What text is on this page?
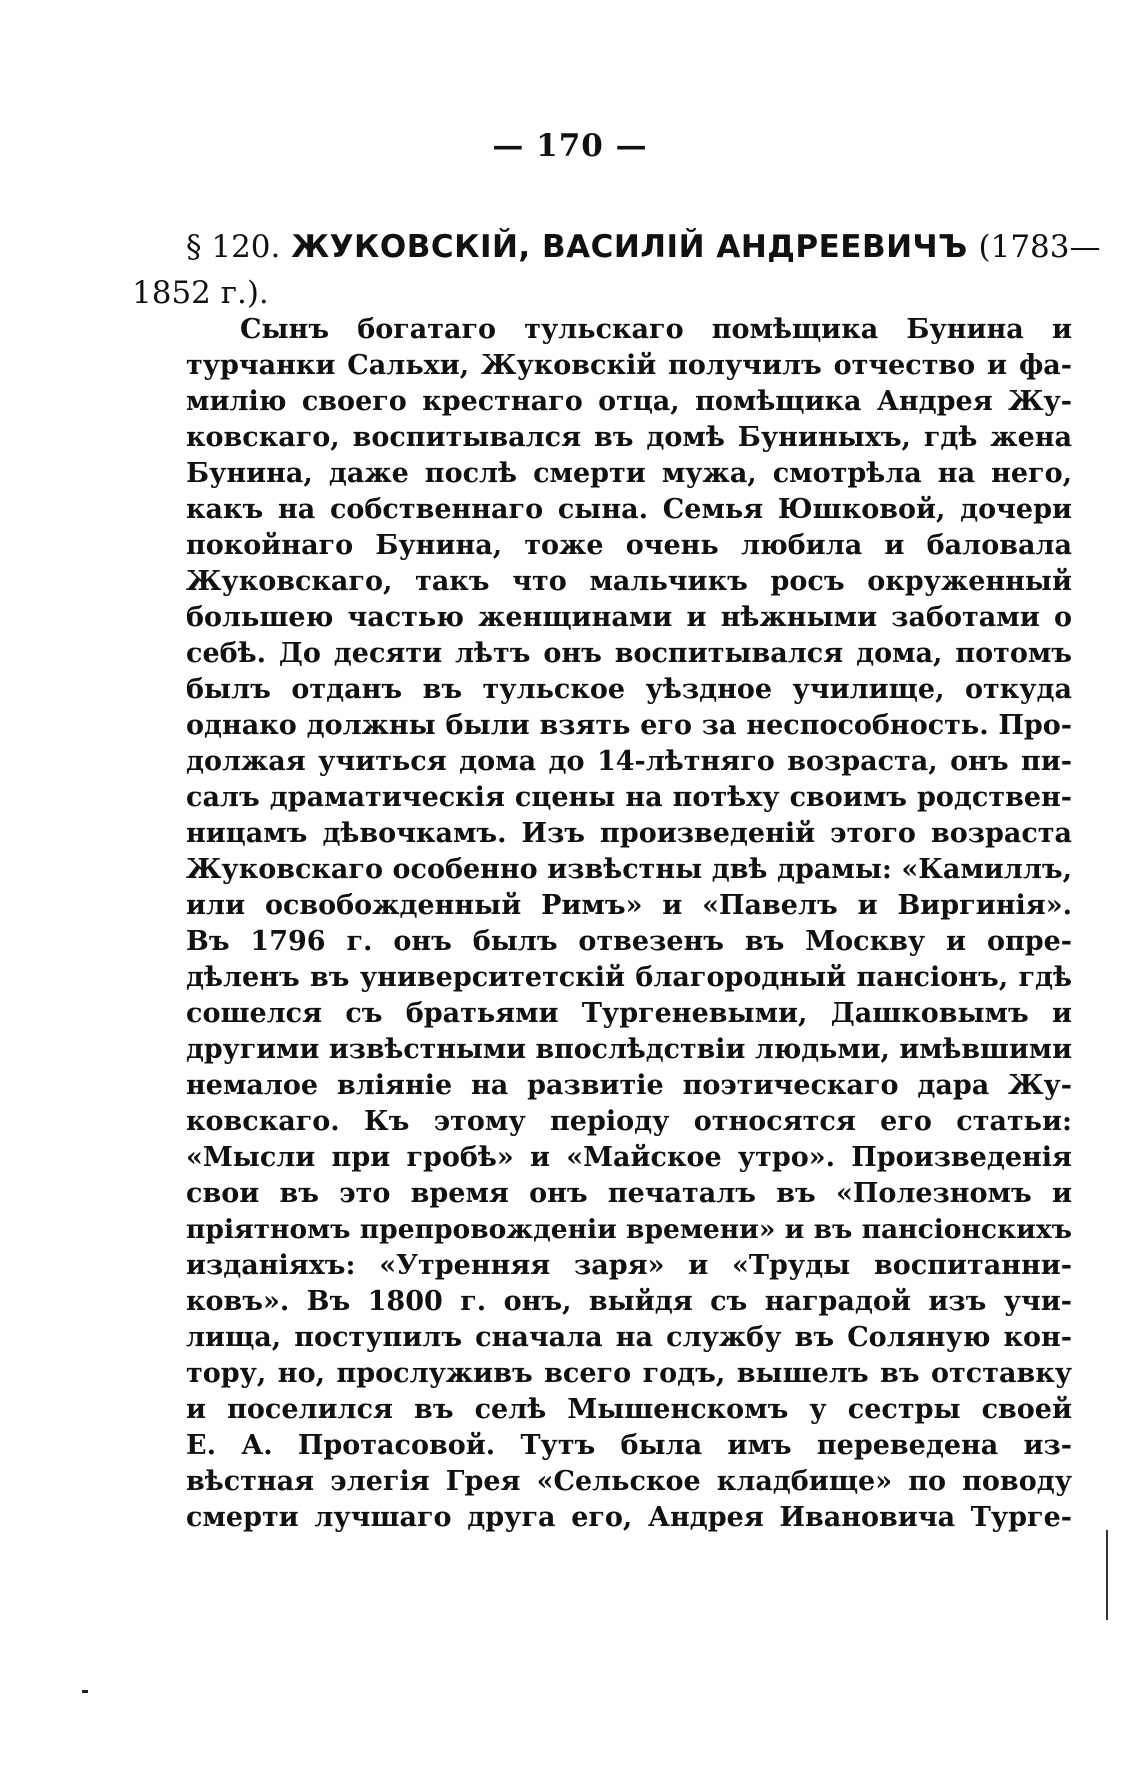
— 170 —
§ 120. ЖУКОВСКІЙ, ВАСИЛІЙ АНДРЕЕВИЧЪ (1783—
1852 г.).
Сынъ богатаго тульскаго помѣщика Бунина и
турчанки Сальхи, Жуковскій получилъ отчество и фа-
милію своего крестнаго отца, помѣщика Андрея Жу-
ковскаго, воспитывался въ домѣ Буниныхъ, гдѣ жена
Бунина, даже послѣ смерти мужа, смотрѣла на него,
какъ на собственнаго сына. Семья Юшковой, дочери
покойнаго Бунина, тоже очень любила и баловала
Жуковскаго, такъ что мальчикъ росъ окруженный
большею частью женщинами и нѣжными заботами о
себѣ. До десяти лѣтъ онъ воспитывался дома, потомъ
былъ отданъ въ тульское уѣздное училище, откуда
однако должны были взять его за неспособность. Про-
должая учиться дома до 14-лѣтняго возраста, онъ пи-
салъ драматическія сцены на потѣху своимъ родствен-
ницамъ дѣвочкамъ. Изъ произведеній этого возраста
Жуковскаго особенно извѣстны двѣ драмы: «Камиллъ,
или освобожденный Римъ» и «Павелъ и Виргинія».
Въ 1796 г. онъ былъ отвезенъ въ Москву и опре-
дѣленъ въ университетскій благородный пансіонъ, гдѣ
сошелся съ братьями Тургеневыми, Дашковымъ и
другими извѣстными впослѣдствіи людьми, имѣвшими
немалое вліяніе на развитіе поэтическаго дара Жу-
ковскаго. Къ этому періоду относятся его статьи:
«Мысли при гробѣ» и «Майское утро». Произведенія
свои въ это время онъ печаталъ въ «Полезномъ и
пріятномъ препровожденіи времени» и въ пансіонскихъ
изданіяхъ: «Утренняя заря» и «Труды воспитанни-
ковъ». Въ 1800 г. онъ, выйдя съ наградой изъ учи-
лища, поступилъ сначала на службу въ Соляную кон-
тору, но, прослуживъ всего годъ, вышелъ въ отставку
и поселился въ селѣ Мышенскомъ у сестры своей
Е. А. Протасовой. Тутъ была имъ переведена из-
вѣстная элегія Грея «Сельское кладбище» по поводу
смерти лучшаго друга его, Андрея Ивановича Турге-
